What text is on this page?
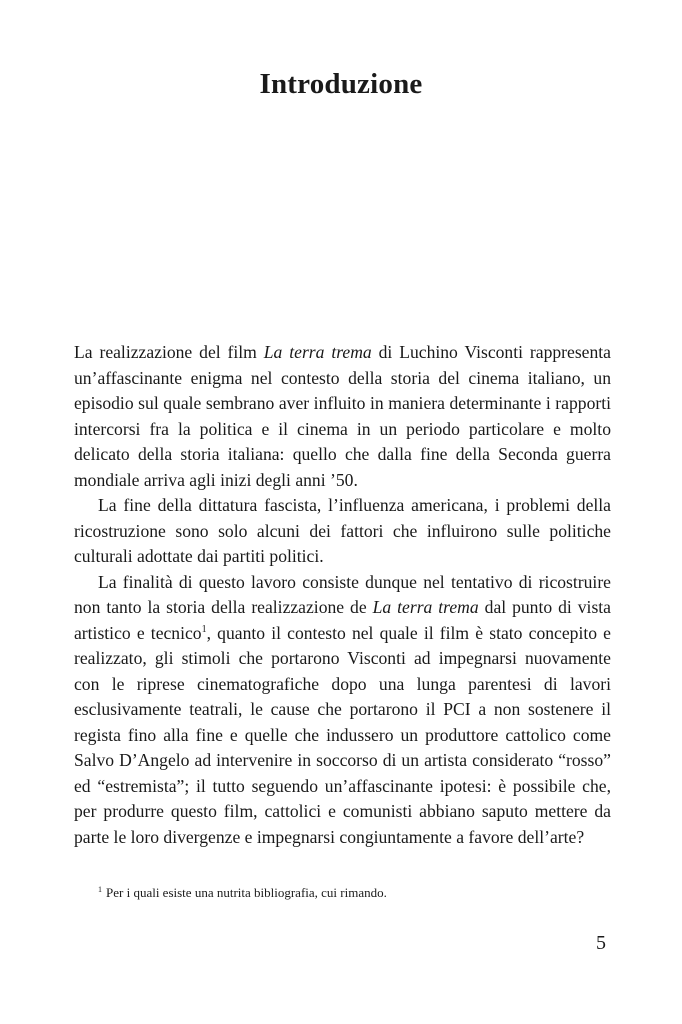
Introduzione

La realizzazione del film La terra trema di Luchino Visconti rappresenta un’affascinante enigma nel contesto della storia del cinema italiano, un episodio sul quale sembrano aver influito in maniera determinante i rapporti intercorsi fra la politica e il cinema in un periodo particolare e molto delicato della storia italiana: quello che dalla fine della Seconda guerra mondiale arriva agli inizi degli anni ’50.

La fine della dittatura fascista, l’influenza americana, i problemi della ricostruzione sono solo alcuni dei fattori che influirono sulle politiche culturali adottate dai partiti politici.

La finalità di questo lavoro consiste dunque nel tentativo di ricostruire non tanto la storia della realizzazione de La terra trema dal punto di vista artistico e tecnico$^1$, quanto il contesto nel quale il film è stato concepito e realizzato, gli stimoli che portarono Visconti ad impegnarsi nuovamente con le riprese cinematografiche dopo una lunga parentesi di lavori esclusivamente teatrali, le cause che portarono il PCI a non sostenere il regista fino alla fine e quelle che indussero un produttore cattolico come Salvo D’Angelo ad intervenire in soccorso di un artista considerato “rosso” ed “estremista”; il tutto seguendo un’affascinante ipotesi: è possibile che, per produrre questo film, cattolici e comunisti abbiano saputo mettere da parte le loro divergenze e impegnarsi congiuntamente a favore dell’arte?

$^1$ Per i quali esiste una nutrita bibliografia, cui rimando.
5
